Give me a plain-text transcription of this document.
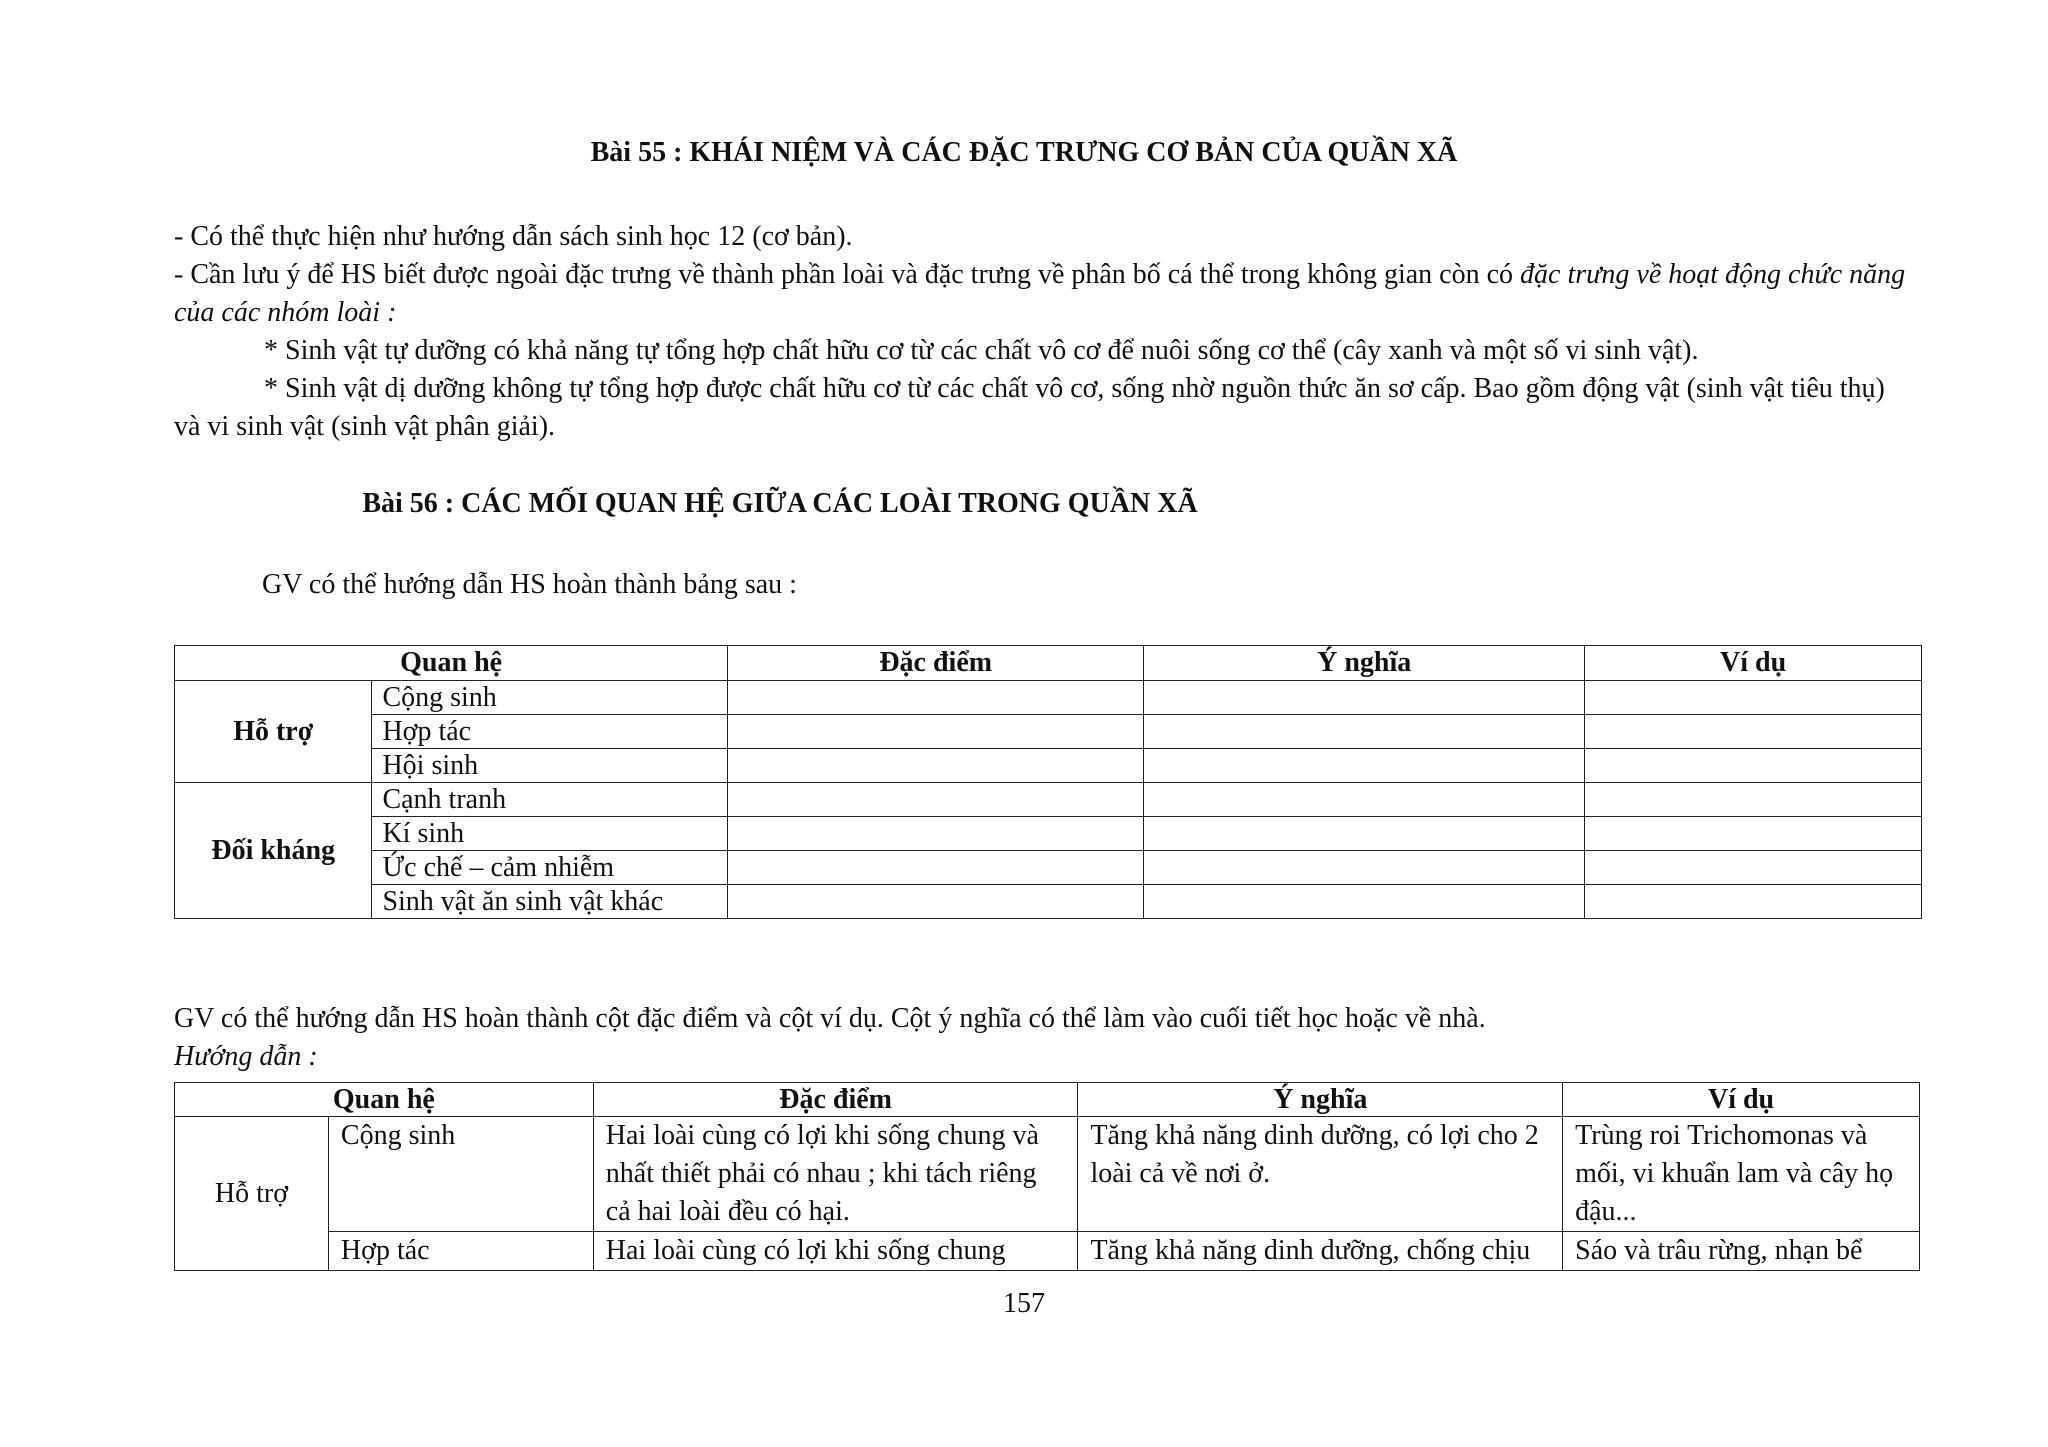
Bài 55 : KHÁI NIỆM VÀ CÁC ĐẶC TRƯNG CƠ BẢN CỦA QUẦN XÃ
- Có thể thực hiện như hướng dẫn sách sinh học 12 (cơ bản).
- Cần lưu ý để HS biết được ngoài đặc trưng về thành phần loài và đặc trưng về phân bố cá thể trong không gian còn có đặc trưng về hoạt động chức năng của các nhóm loài :
* Sinh vật tự dưỡng có khả năng tự tổng hợp chất hữu cơ từ các chất vô cơ để nuôi sống cơ thể (cây xanh và một số vi sinh vật).
* Sinh vật dị dưỡng không tự tổng hợp được chất hữu cơ từ các chất vô cơ, sống nhờ nguồn thức ăn sơ cấp. Bao gồm động vật (sinh vật tiêu thụ) và vi sinh vật (sinh vật phân giải).
Bài 56 : CÁC MỐI QUAN HỆ GIỮA CÁC LOÀI TRONG QUẦN XÃ
GV có thể hướng dẫn HS hoàn thành bảng sau :
Quan hệ		Đặc điểm	Ý nghĩa	Ví dụ
Hỗ trợ	Cộng sinh			
	Hợp tác			
	Hội sinh			
Đối kháng	Cạnh tranh			
	Kí sinh			
	Ức chế – cảm nhiễm			
	Sinh vật ăn sinh vật khác			
GV có thể hướng dẫn HS hoàn thành cột đặc điểm và cột ví dụ. Cột ý nghĩa có thể làm vào cuối tiết học hoặc về nhà.
Hướng dẫn :
Quan hệ		Đặc điểm	Ý nghĩa	Ví dụ
Hỗ trợ	Cộng sinh	Hai loài cùng có lợi khi sống chung và nhất thiết phải có nhau ; khi tách riêng cả hai loài đều có hại.	Tăng khả năng dinh dưỡng, có lợi cho 2 loài cả về nơi ở.	Trùng roi Trichomonas và mối, vi khuẩn lam và cây họ đậu...
	Hợp tác	Hai loài cùng có lợi khi sống chung	Tăng khả năng dinh dưỡng, chống chịu	Sáo và trâu rừng, nhạn bể
157
